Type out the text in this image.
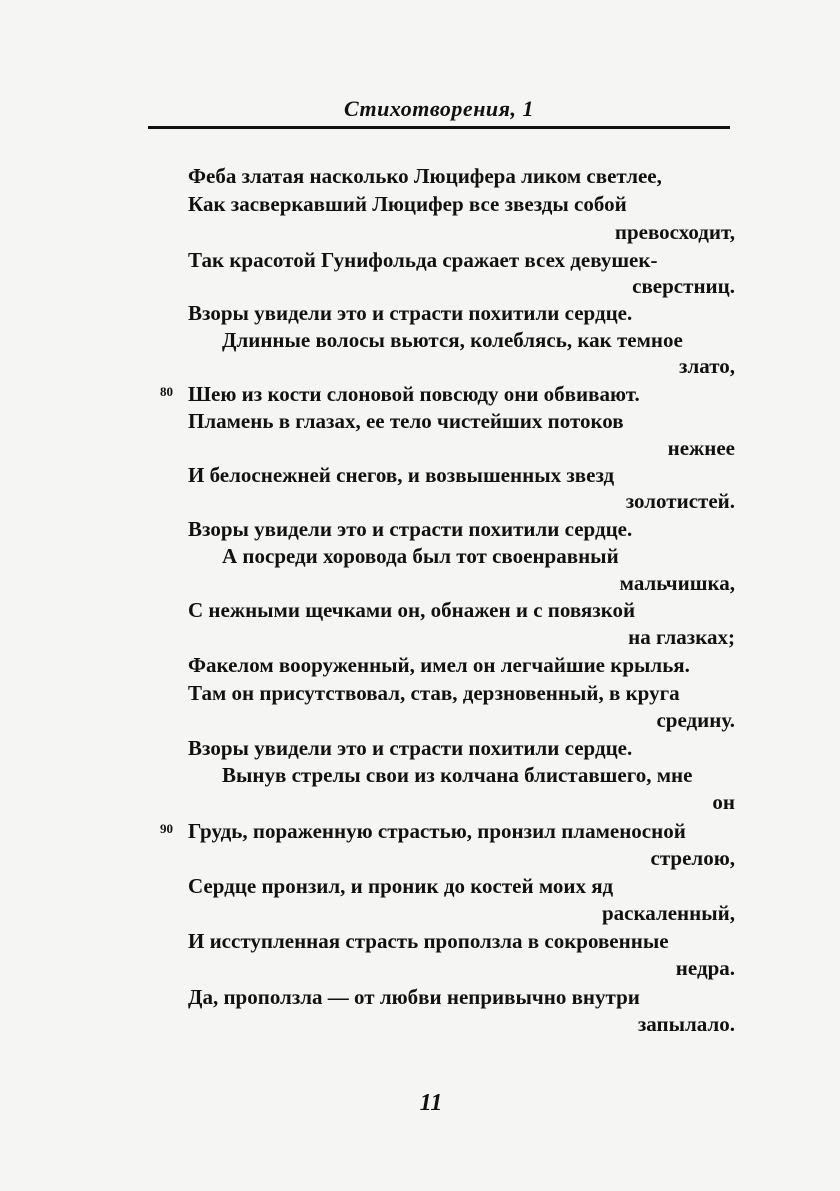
Стихотворения, 1
Феба златая насколько Люцифера ликом светлее,
Как засверкавший Люцифер все звезды собой
превосходит,
Так красотой Гунифольда сражает всех девушек-
сверстниц.
Взоры увидели это и страсти похитили сердце.
Длинные волосы вьются, колеблясь, как темное
злато,
80 Шею из кости слоновой повсюду они обвивают.
Пламень в глазах, ее тело чистейших потоков
нежнее
И белоснежней снегов, и возвышенных звезд
золотистей.
Взоры увидели это и страсти похитили сердце.
А посреди хоровода был тот своенравный
мальчишка,
С нежными щечками он, обнажен и с повязкой
на глазках;
Факелом вооруженный, имел он легчайшие крылья.
Там он присутствовал, став, дерзновенный, в круга
средину.
Взоры увидели это и страсти похитили сердце.
Вынув стрелы свои из колчана блиставшего, мне
он
90 Грудь, пораженную страстью, пронзил пламеносной
стрелою,
Сердце пронзил, и проник до костей моих яд
раскаленный,
И исступленная страсть проползла в сокровенные
недра.
Да, проползла — от любви непривычно внутри
запылало.
11
